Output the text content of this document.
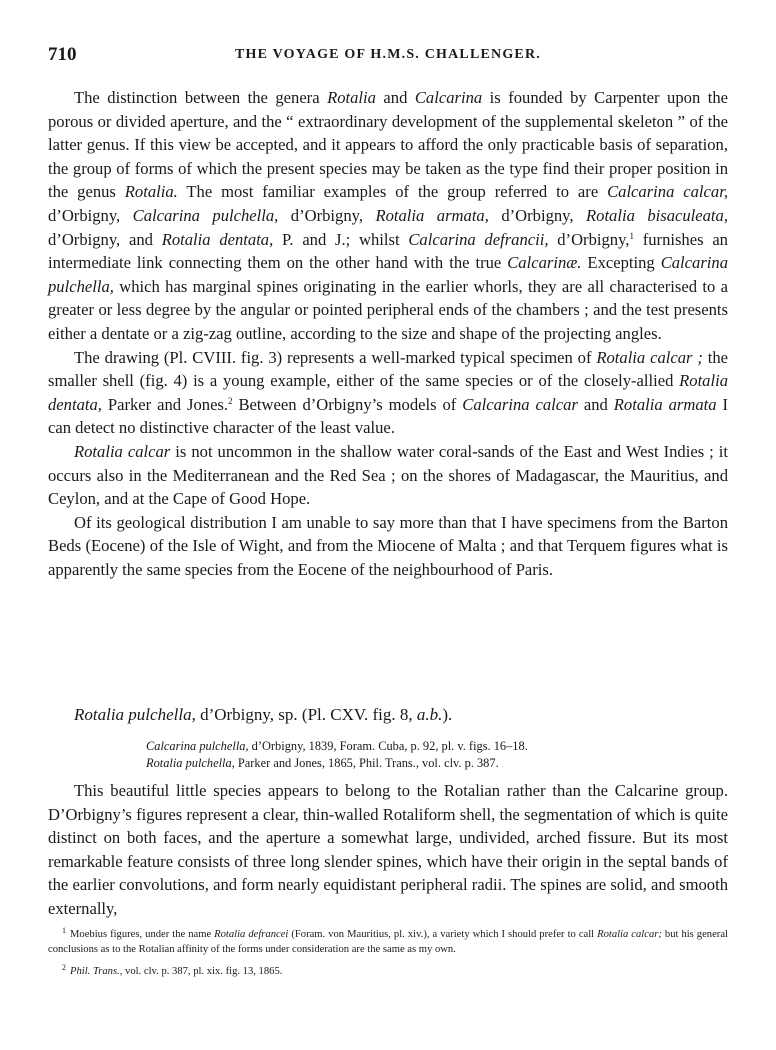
710	THE VOYAGE OF H.M.S. CHALLENGER.

The distinction between the genera Rotalia and Calcarina is founded by Carpenter upon the porous or divided aperture, and the “ extraordinary development of the supplemental skeleton ” of the latter genus. If this view be accepted, and it appears to afford the only practicable basis of separation, the group of forms of which the present species may be taken as the type find their proper position in the genus Rotalia. The most familiar examples of the group referred to are Calcarina calcar, d’Orbigny, Calcarina pulchella, d’Orbigny, Rotalia armata, d’Orbigny, Rotalia bisaculeata, d’Orbigny, and Rotalia dentata, P. and J.; whilst Calcarina defrancii, d’Orbigny,$^1$ furnishes an intermediate link connecting them on the other hand with the true Calcarinæ. Excepting Calcarina pulchella, which has marginal spines originating in the earlier whorls, they are all characterised to a greater or less degree by the angular or pointed peripheral ends of the chambers ; and the test presents either a dentate or a zig-zag outline, according to the size and shape of the projecting angles.

The drawing (Pl. CVIII. fig. 3) represents a well-marked typical specimen of Rotalia calcar ; the smaller shell (fig. 4) is a young example, either of the same species or of the closely-allied Rotalia dentata, Parker and Jones.$^2$ Between d’Orbigny’s models of Calcarina calcar and Rotalia armata I can detect no distinctive character of the least value.

Rotalia calcar is not uncommon in the shallow water coral-sands of the East and West Indies ; it occurs also in the Mediterranean and the Red Sea ; on the shores of Madagascar, the Mauritius, and Ceylon, and at the Cape of Good Hope.

Of its geological distribution I am unable to say more than that I have specimens from the Barton Beds (Eocene) of the Isle of Wight, and from the Miocene of Malta ; and that Terquem figures what is apparently the same species from the Eocene of the neighbourhood of Paris.

Rotalia pulchella, d’Orbigny, sp. (Pl. CXV. fig. 8, a.b.).
Calcarina pulchella, d’Orbigny, 1839, Foram. Cuba, p. 92, pl. v. figs. 16–18.
Rotalia pulchella, Parker and Jones, 1865, Phil. Trans., vol. clv. p. 387.

This beautiful little species appears to belong to the Rotalian rather than the Calcarine group. D’Orbigny’s figures represent a clear, thin-walled Rotaliform shell, the segmentation of which is quite distinct on both faces, and the aperture a somewhat large, undivided, arched fissure. But its most remarkable feature consists of three long slender spines, which have their origin in the septal bands of the earlier convolutions, and form nearly equidistant peripheral radii. The spines are solid, and smooth externally,

$^1$ Moebius figures, under the name Rotalia defrancei (Foram. von Mauritius, pl. xiv.), a variety which I should prefer to call Rotalia calcar; but his general conclusions as to the Rotalian affinity of the forms under consideration are the same as my own.

$^2$ Phil. Trans., vol. clv. p. 387, pl. xix. fig. 13, 1865.
